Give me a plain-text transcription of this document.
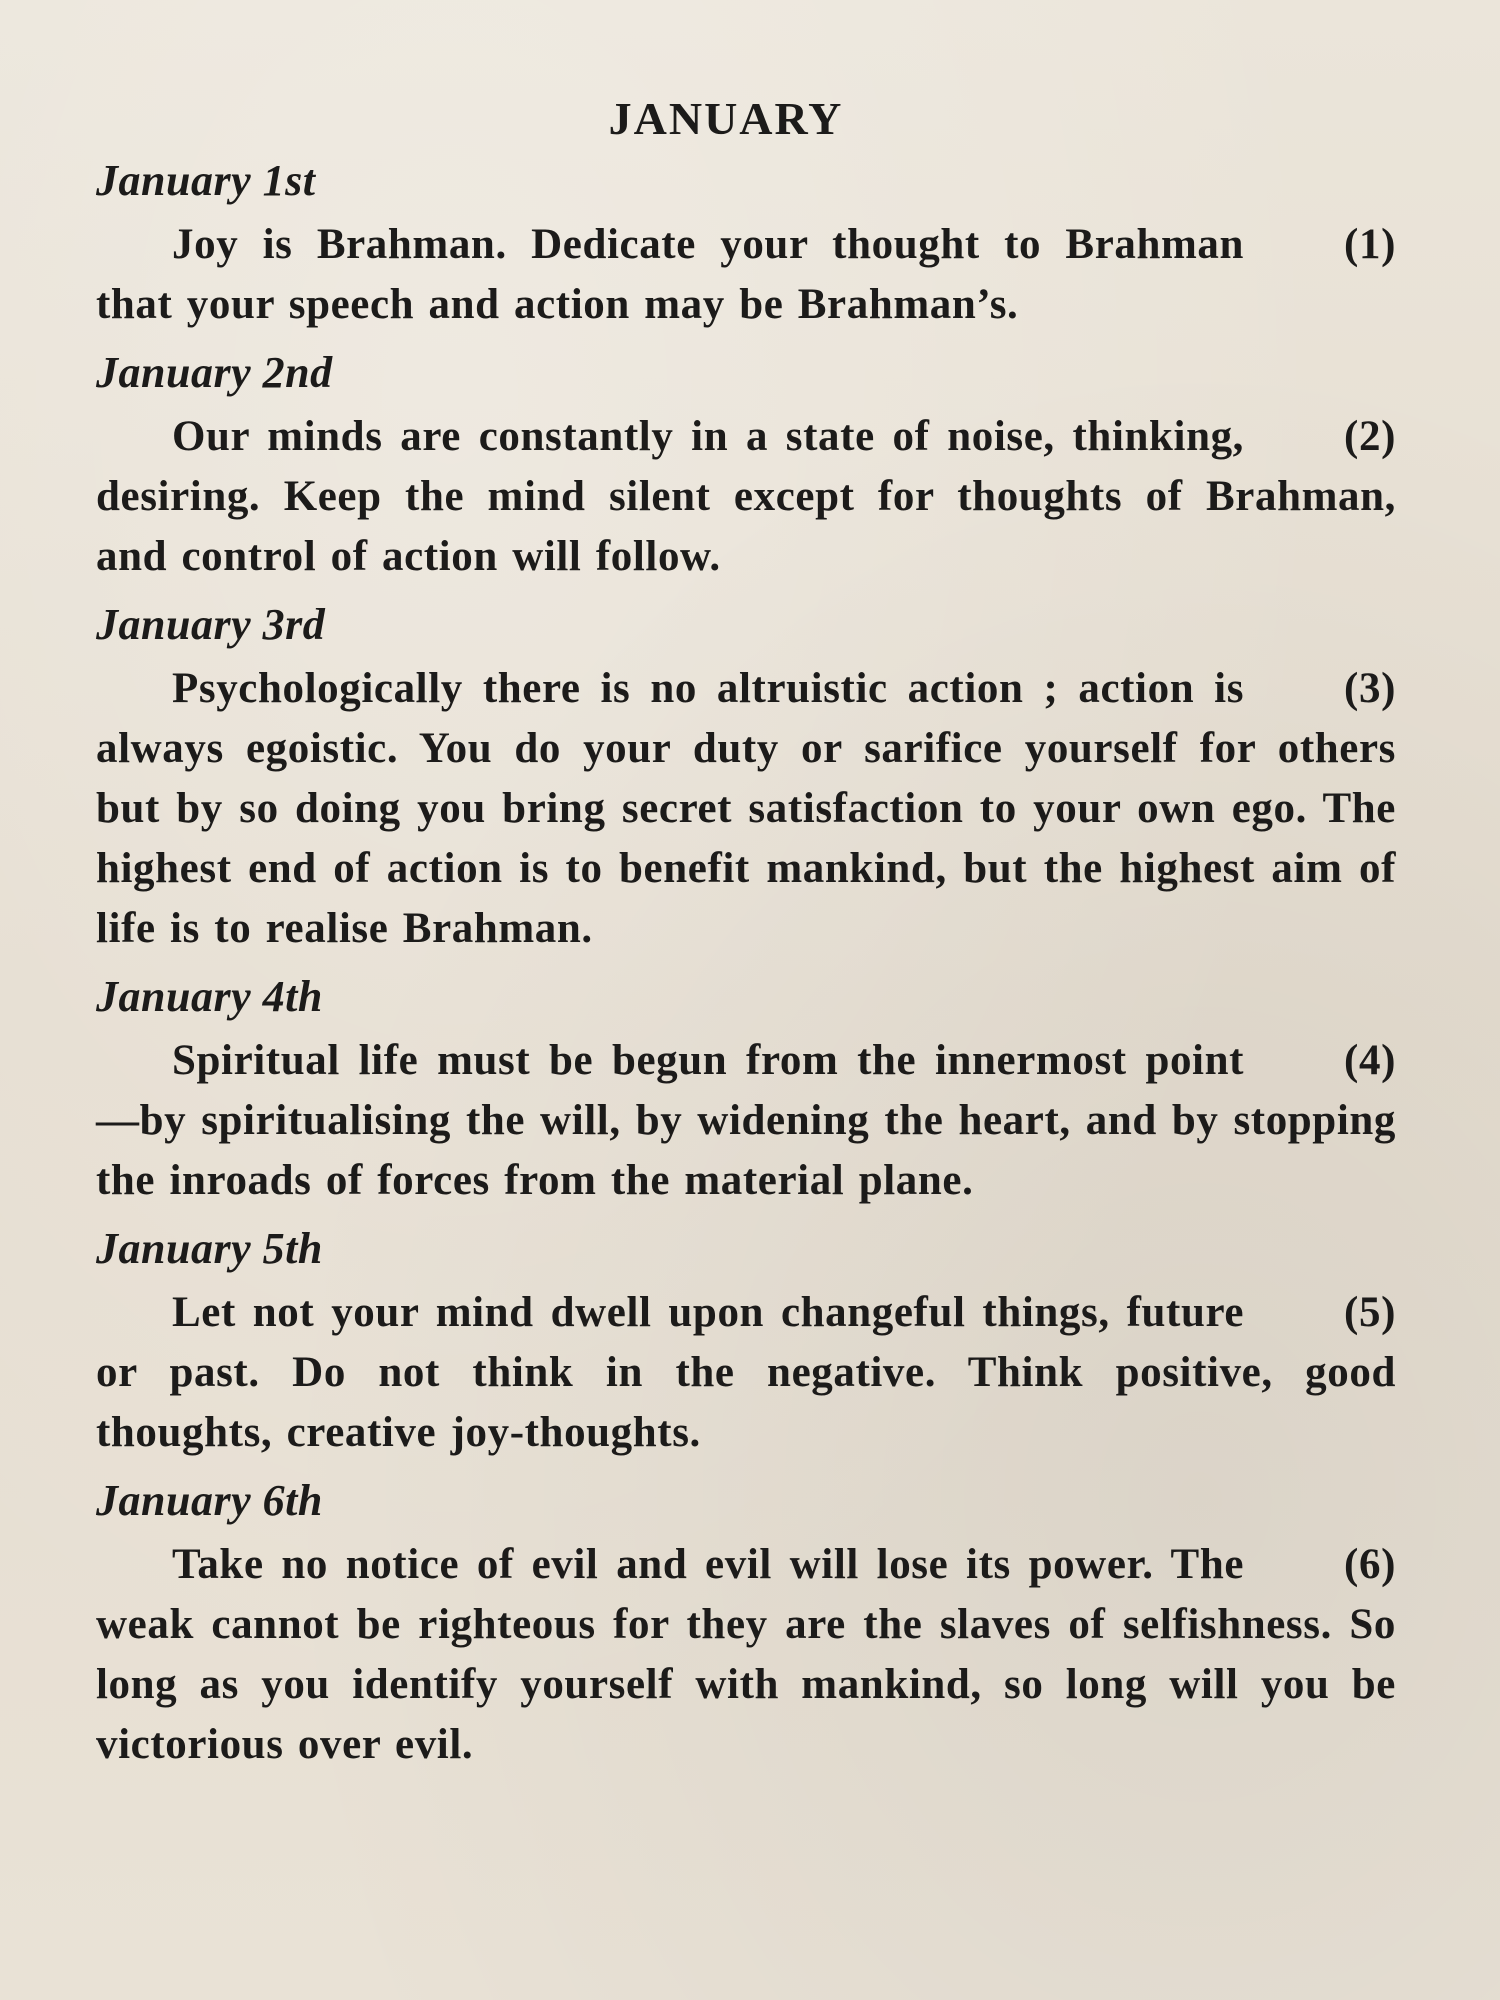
JANUARY
January 1st

(1)
Joy is Brahman. Dedicate your thought to Brahman that your speech and action may be Brahman’s.

January 2nd

(2)
Our minds are constantly in a state of noise, thinking, desiring. Keep the mind silent except for thoughts of Brahman, and control of action will follow.

January 3rd

(3)
Psychologically there is no altruistic action ; action is always egoistic. You do your duty or sarifice yourself for others but by so doing you bring secret satisfaction to your own ego. The highest end of action is to benefit mankind, but the highest aim of life is to realise Brahman.

January 4th

(4)
Spiritual life must be begun from the innermost point—by spiritualising the will, by widening the heart, and by stopping the inroads of forces from the material plane.

January 5th

(5)
Let not your mind dwell upon changeful things, future or past. Do not think in the negative. Think positive, good thoughts, creative joy-thoughts.

January 6th

(6)
Take no notice of evil and evil will lose its power. The weak cannot be righteous for they are the slaves of selfishness. So long as you identify yourself with mankind, so long will you be victorious over evil.
